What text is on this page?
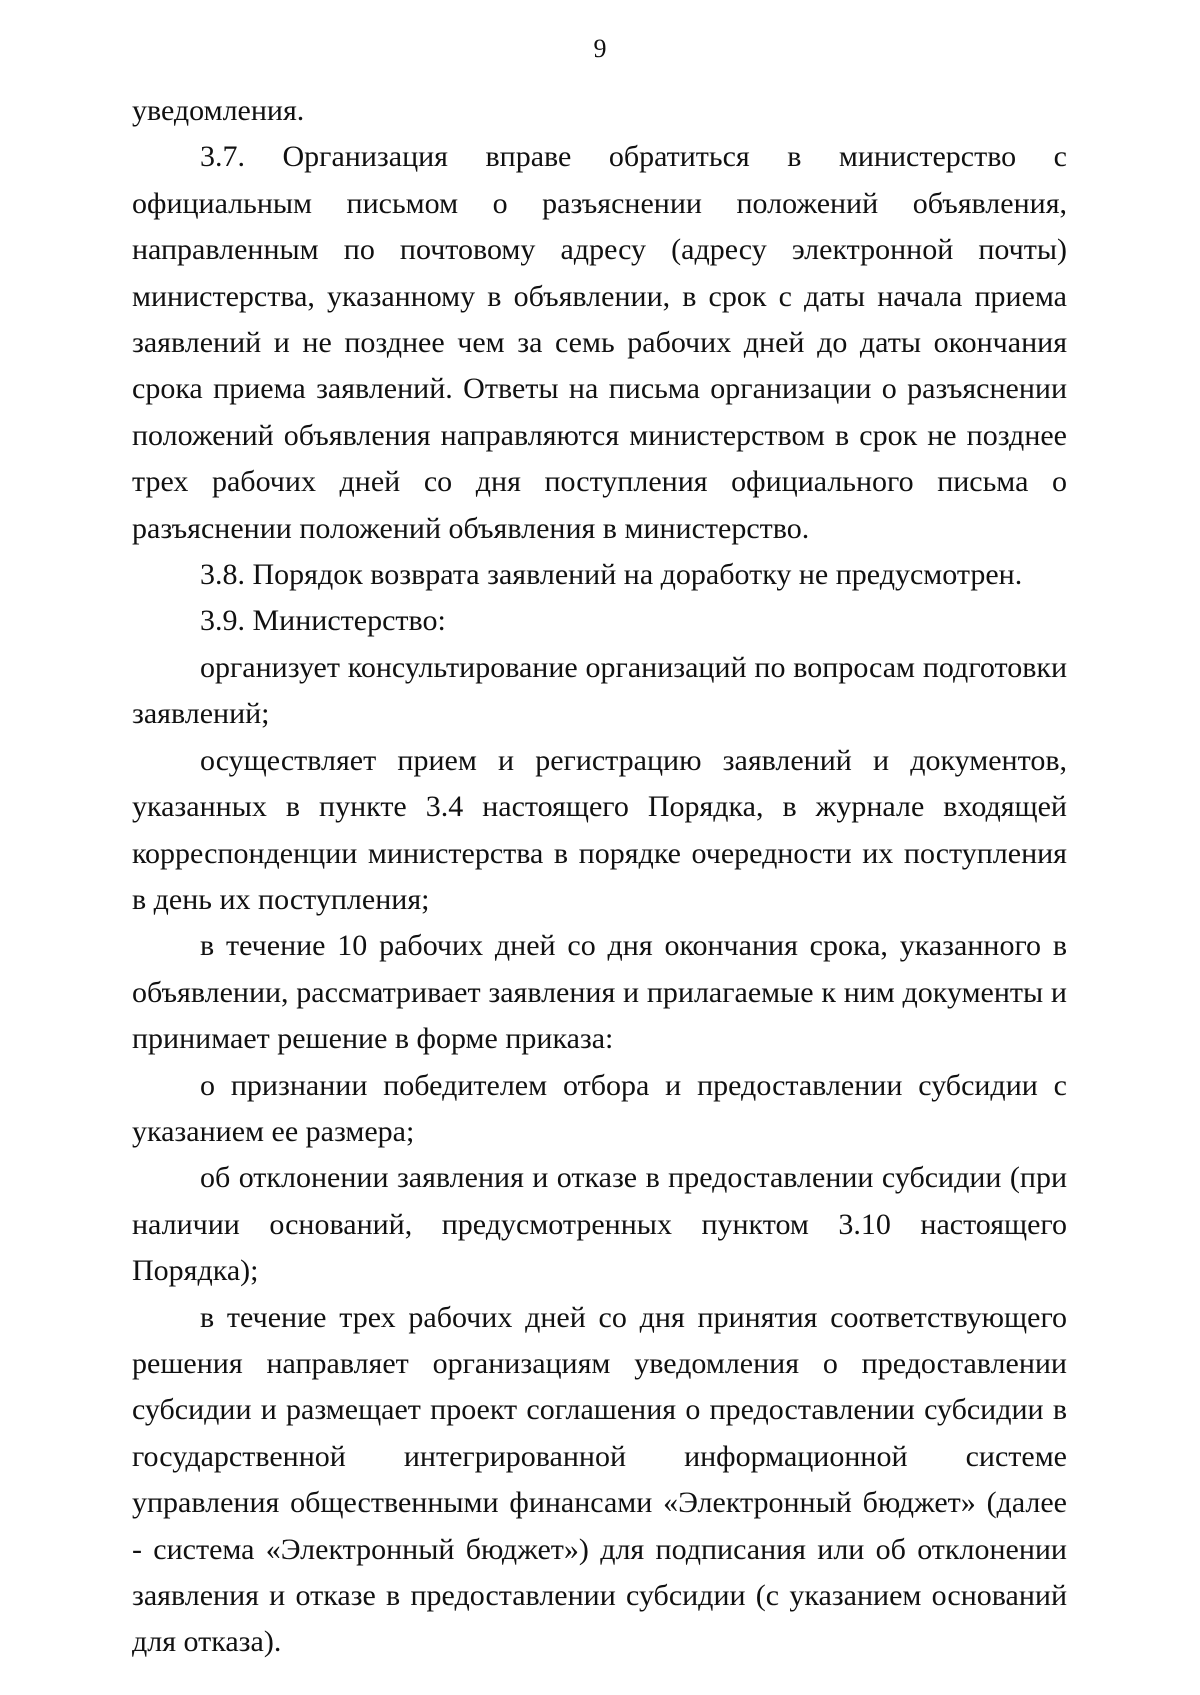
9

уведомления.

3.7. Организация вправе обратиться в министерство с официальным письмом о разъяснении положений объявления, направленным по почтовому адресу (адресу электронной почты) министерства, указанному в объявлении, в срок с даты начала приема заявлений и не позднее чем за семь рабочих дней до даты окончания срока приема заявлений. Ответы на письма организации о разъяснении положений объявления направляются министерством в срок не позднее трех рабочих дней со дня поступления официального письма о разъяснении положений объявления в министерство.

3.8. Порядок возврата заявлений на доработку не предусмотрен.

3.9. Министерство:

организует консультирование организаций по вопросам подготовки заявлений;

осуществляет прием и регистрацию заявлений и документов, указанных в пункте 3.4 настоящего Порядка, в журнале входящей корреспонденции министерства в порядке очередности их поступления в день их поступления;

в течение 10 рабочих дней со дня окончания срока, указанного в объявлении, рассматривает заявления и прилагаемые к ним документы и принимает решение в форме приказа:

о признании победителем отбора и предоставлении субсидии с указанием ее размера;

об отклонении заявления и отказе в предоставлении субсидии (при наличии оснований, предусмотренных пунктом 3.10 настоящего Порядка);

в течение трех рабочих дней со дня принятия соответствующего решения направляет организациям уведомления о предоставлении субсидии и размещает проект соглашения о предоставлении субсидии в государственной интегрированной информационной системе управления общественными финансами «Электронный бюджет» (далее - система «Электронный бюджет») для подписания или об отклонении заявления и отказе в предоставлении субсидии (с указанием оснований для отказа).
